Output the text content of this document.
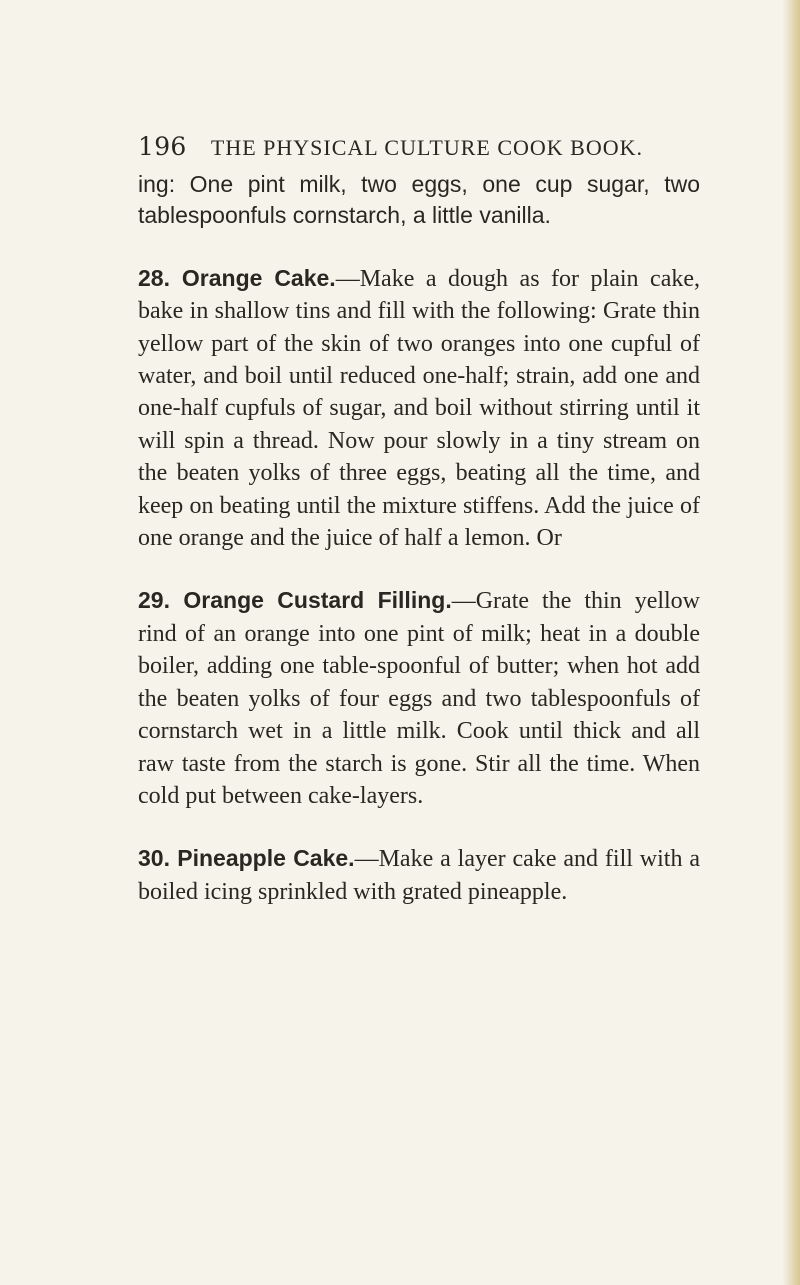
196 THE PHYSICAL CULTURE COOK BOOK.

ing: One pint milk, two eggs, one cup sugar, two tablespoonfuls cornstarch, a little vanilla.

28. Orange Cake.—Make a dough as for plain cake, bake in shallow tins and fill with the following: Grate thin yellow part of the skin of two oranges into one cupful of water, and boil until reduced one-half; strain, add one and one-half cupfuls of sugar, and boil without stirring until it will spin a thread. Now pour slowly in a tiny stream on the beaten yolks of three eggs, beating all the time, and keep on beating until the mixture stiffens. Add the juice of one orange and the juice of half a lemon. Or

29. Orange Custard Filling.—Grate the thin yellow rind of an orange into one pint of milk; heat in a double boiler, adding one table-spoonful of butter; when hot add the beaten yolks of four eggs and two tablespoonfuls of cornstarch wet in a little milk. Cook until thick and all raw taste from the starch is gone. Stir all the time. When cold put between cake-layers.

30. Pineapple Cake.—Make a layer cake and fill with a boiled icing sprinkled with grated pineapple.
